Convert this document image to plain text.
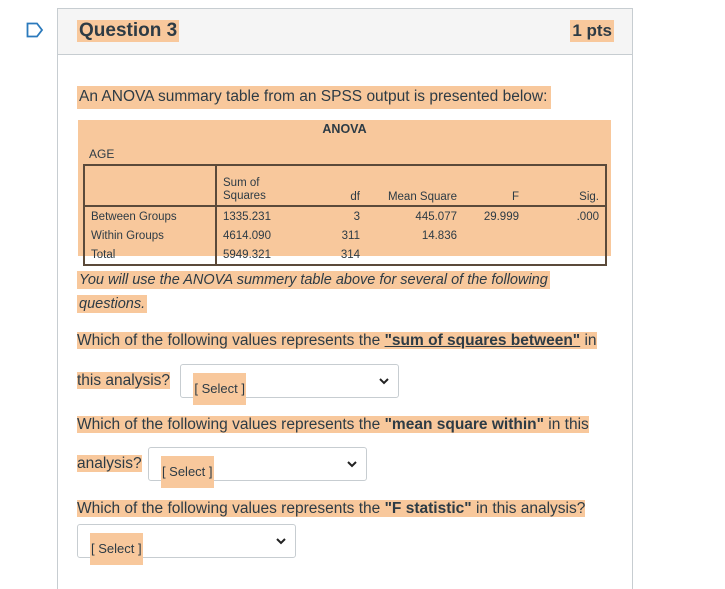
Question 3	1 pts
An ANOVA summary table from an SPSS output is presented below:
ANOVA
AGE
	Sum of Squares	df	Mean Square	F	Sig.
Between Groups	1335.231	3	445.077	29.999	.000
Within Groups	4614.090	311	14.836		
Total	5949.321	314			
You will use the ANOVA summery table above for several of the following
questions.
Which of the following values represents the "sum of squares between" in
this analysis? [ Select ]
Which of the following values represents the "mean square within" in this
analysis? [ Select ]
Which of the following values represents the "F statistic" in this analysis?
[ Select ]
